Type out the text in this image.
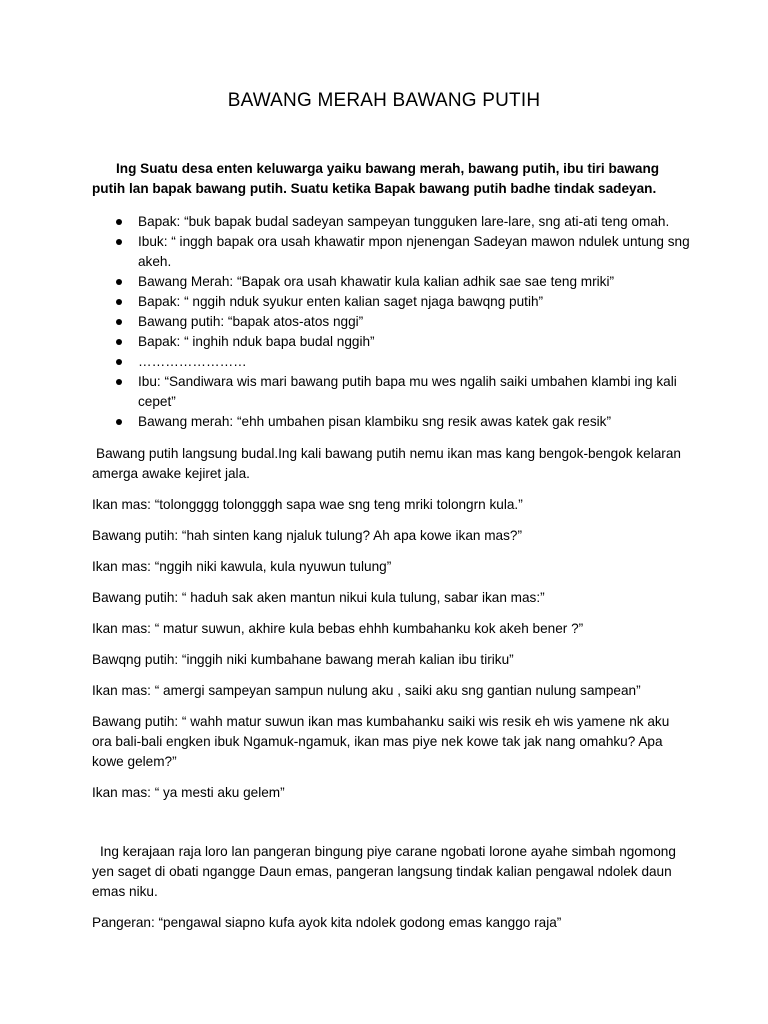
BAWANG MERAH BAWANG PUTIH

Ing Suatu desa enten keluwarga yaiku bawang merah, bawang putih, ibu tiri bawang putih lan bapak bawang putih. Suatu ketika Bapak bawang putih badhe tindak sadeyan.

Bapak: “buk bapak budal sadeyan sampeyan tungguken lare-lare, sng ati-ati teng omah.
Ibuk: “ inggh bapak ora usah khawatir mpon njenengan Sadeyan mawon ndulek untung sng akeh.
Bawang Merah: “Bapak ora usah khawatir kula kalian adhik sae sae teng mriki”
Bapak: “ nggih nduk syukur enten kalian saget njaga bawqng putih”
Bawang putih: “bapak atos-atos nggi”
Bapak: “ inghih nduk bapa budal nggih”
……………………
Ibu: “Sandiwara wis mari bawang putih bapa mu wes ngalih saiki umbahen klambi ing kali cepet”
Bawang merah: “ehh umbahen pisan klambiku sng resik awas katek gak resik”

Bawang putih langsung budal.Ing kali bawang putih nemu ikan mas kang bengok-bengok kelaran amerga awake kejiret jala.

Ikan mas: “tolongggg tolongggh sapa wae sng teng mriki tolongrn kula.”

Bawang putih: “hah sinten kang njaluk tulung? Ah apa kowe ikan mas?”

Ikan mas: “nggih niki kawula, kula nyuwun tulung”

Bawang putih: “ haduh sak aken mantun nikui kula tulung, sabar ikan mas:”

Ikan mas: “ matur suwun, akhire kula bebas ehhh kumbahanku kok akeh bener ?”

Bawqng putih: “inggih niki kumbahane bawang merah kalian ibu tiriku”

Ikan mas: “ amergi sampeyan sampun nulung aku , saiki aku sng gantian nulung sampean”

Bawang putih: “ wahh matur suwun ikan mas kumbahanku saiki wis resik eh wis yamene nk aku ora bali-bali engken ibuk Ngamuk-ngamuk, ikan mas piye nek kowe tak jak nang omahku? Apa kowe gelem?”

Ikan mas: “ ya mesti aku gelem”

Ing kerajaan raja loro lan pangeran bingung piye carane ngobati lorone ayahe simbah ngomong yen saget di obati ngangge Daun emas, pangeran langsung tindak kalian pengawal ndolek daun emas niku.

Pangeran: “pengawal siapno kufa ayok kita ndolek godong emas kanggo raja”
